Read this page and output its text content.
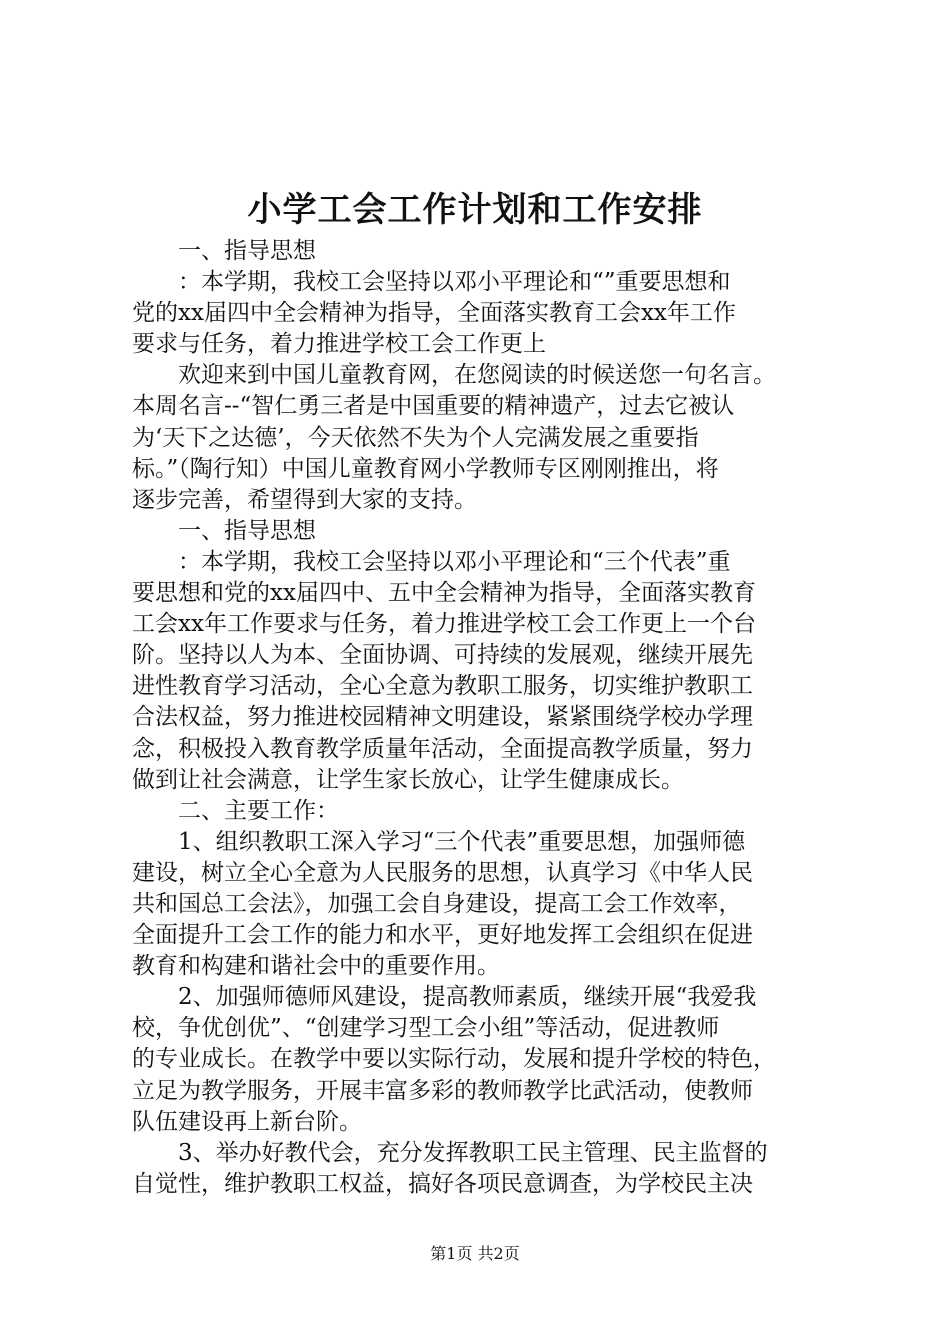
小学工会工作计划和工作安排
一、指导思想
：本学期，我校工会坚持以邓小平理论和“”重要思想和
党的xx届四中全会精神为指导，全面落实教育工会xx年工作
要求与任务，着力推进学校工会工作更上
欢迎来到中国儿童教育网，在您阅读的时候送您一句名言。
本周名言--“智仁勇三者是中国重要的精神遗产，过去它被认
为‘天下之达德’，今天依然不失为个人完满发展之重要指
标。”（陶行知）中国儿童教育网小学教师专区刚刚推出，将
逐步完善，希望得到大家的支持。
一、指导思想
：本学期，我校工会坚持以邓小平理论和“三个代表”重
要思想和党的xx届四中、五中全会精神为指导，全面落实教育
工会xx年工作要求与任务，着力推进学校工会工作更上一个台
阶。坚持以人为本、全面协调、可持续的发展观，继续开展先
进性教育学习活动，全心全意为教职工服务，切实维护教职工
合法权益，努力推进校园精神文明建设，紧紧围绕学校办学理
念，积极投入教育教学质量年活动，全面提高教学质量，努力
做到让社会满意，让学生家长放心，让学生健康成长。
二、主要工作：
1、组织教职工深入学习“三个代表”重要思想，加强师德
建设，树立全心全意为人民服务的思想，认真学习《中华人民
共和国总工会法》，加强工会自身建设，提高工会工作效率，
全面提升工会工作的能力和水平，更好地发挥工会组织在促进
教育和构建和谐社会中的重要作用。
2、加强师德师风建设，提高教师素质，继续开展“我爱我
校，争优创优”、“创建学习型工会小组”等活动，促进教师
的专业成长。在教学中要以实际行动，发展和提升学校的特色，
立足为教学服务，开展丰富多彩的教师教学比武活动，使教师
队伍建设再上新台阶。
3、举办好教代会，充分发挥教职工民主管理、民主监督的
自觉性，维护教职工权益，搞好各项民意调查，为学校民主决
第1页 共2页
